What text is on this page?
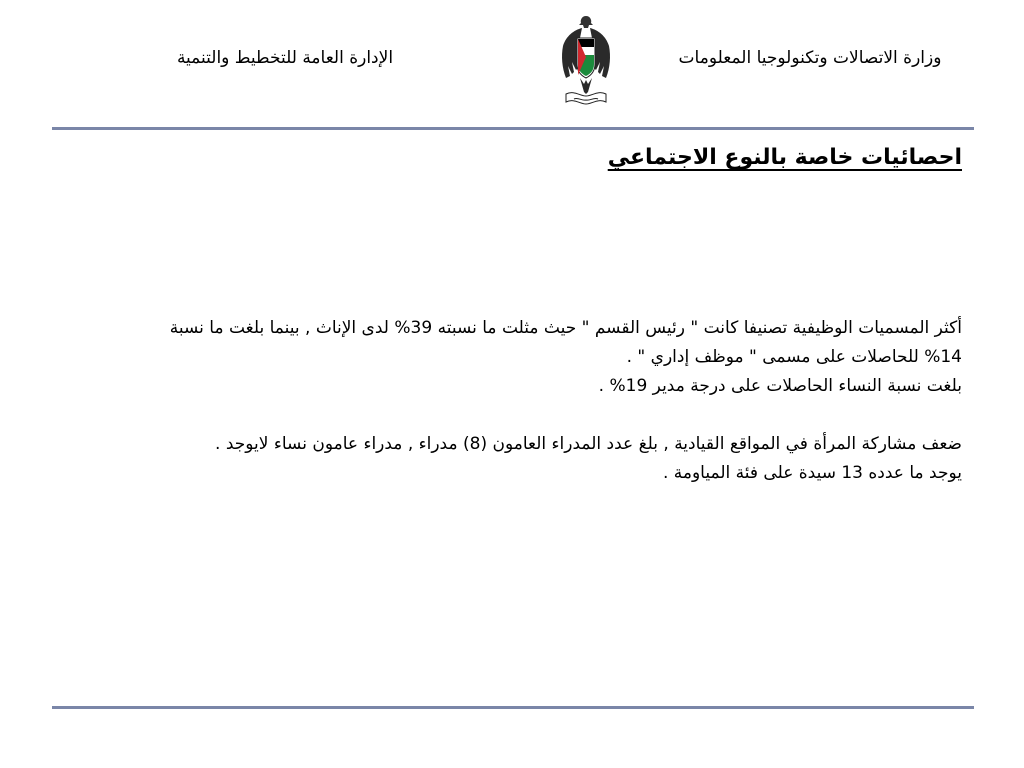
الإدارة العامة للتخطيط والتنمية	وزارة الاتصالات وتكنولوجيا المعلومات
احصائيات خاصة بالنوع الاجتماعي

أكثر المسميات الوظيفية تصنيفا كانت " رئيس القسم " حيث مثلت ما نسبته 39% لدى الإناث , بينما بلغت ما نسبة 14% للحاصلات على مسمى " موظف إداري " .

بلغت نسبة النساء الحاصلات على درجة مدير 19% .

ضعف مشاركة المرأة في المواقع القيادية , بلغ عدد المدراء العامون (8) مدراء , مدراء عامون نساء لايوجد .

يوجد ما عدده 13 سيدة على فئة المياومة .
